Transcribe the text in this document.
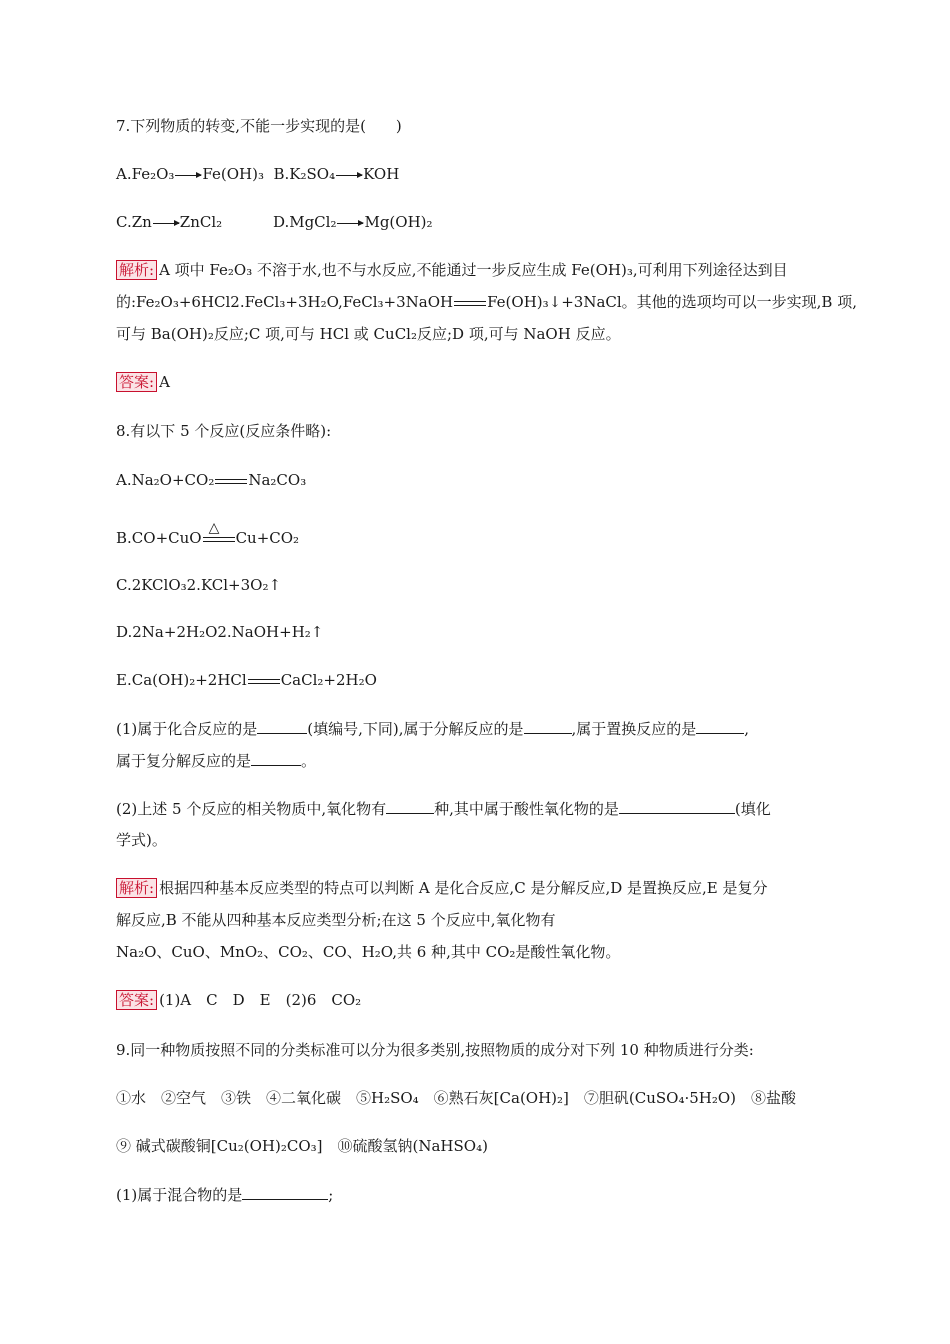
7.下列物质的转变,不能一步实现的是(　　)
A.Fe₂O₃ Fe(OH)₃ B.K₂SO₄ KOH
C.Zn ZnCl₂	D.MgCl₂ Mg(OH)₂
解析: A 项中 Fe₂O₃ 不溶于水,也不与水反应,不能通过一步反应生成 Fe(OH)₃,可利用下列途径达到目
的:Fe₂O₃+6HCl2.FeCl₃+3H₂O,FeCl₃+3NaOH Fe(OH)₃↓+3NaCl。其他的选项均可以一步实现,B 项,
可与 Ba(OH)₂反应;C 项,可与 HCl 或 CuCl₂反应;D 项,可与 NaOH 反应。
答案: A
8.有以下 5 个反应(反应条件略):
A.Na₂O+CO₂ Na₂CO₃
B.CO+CuO
△
Cu+CO₂
C.2KClO₃2.KCl+3O₂↑
D.2Na+2H₂O2.NaOH+H₂↑
E.Ca(OH)₂+2HCl CaCl₂+2H₂O
(1)属于化合反应的是	(填编号,下同),属于分解反应的是	,属于置换反应的是	,
属于复分解反应的是	。
(2)上述 5 个反应的相关物质中,氧化物有	种,其中属于酸性氧化物的是	(填化
学式)。
解析: 根据四种基本反应类型的特点可以判断 A 是化合反应,C 是分解反应,D 是置换反应,E 是复分
解反应,B 不能从四种基本反应类型分析;在这 5 个反应中,氧化物有
Na₂O、CuO、MnO₂、CO₂、CO、H₂O,共 6 种,其中 CO₂是酸性氧化物。
答案: (1)A　C　D　E　(2)6　CO₂
9.同一种物质按照不同的分类标准可以分为很多类别,按照物质的成分对下列 10 种物质进行分类:
①水　②空气　③铁　④二氧化碳　⑤H₂SO₄　⑥熟石灰[Ca(OH)₂]　⑦胆矾(CuSO₄·5H₂O)　⑧盐酸
⑨ 碱式碳酸铜[Cu₂(OH)₂CO₃]　⑩硫酸氢钠(NaHSO₄)
(1)属于混合物的是	;
